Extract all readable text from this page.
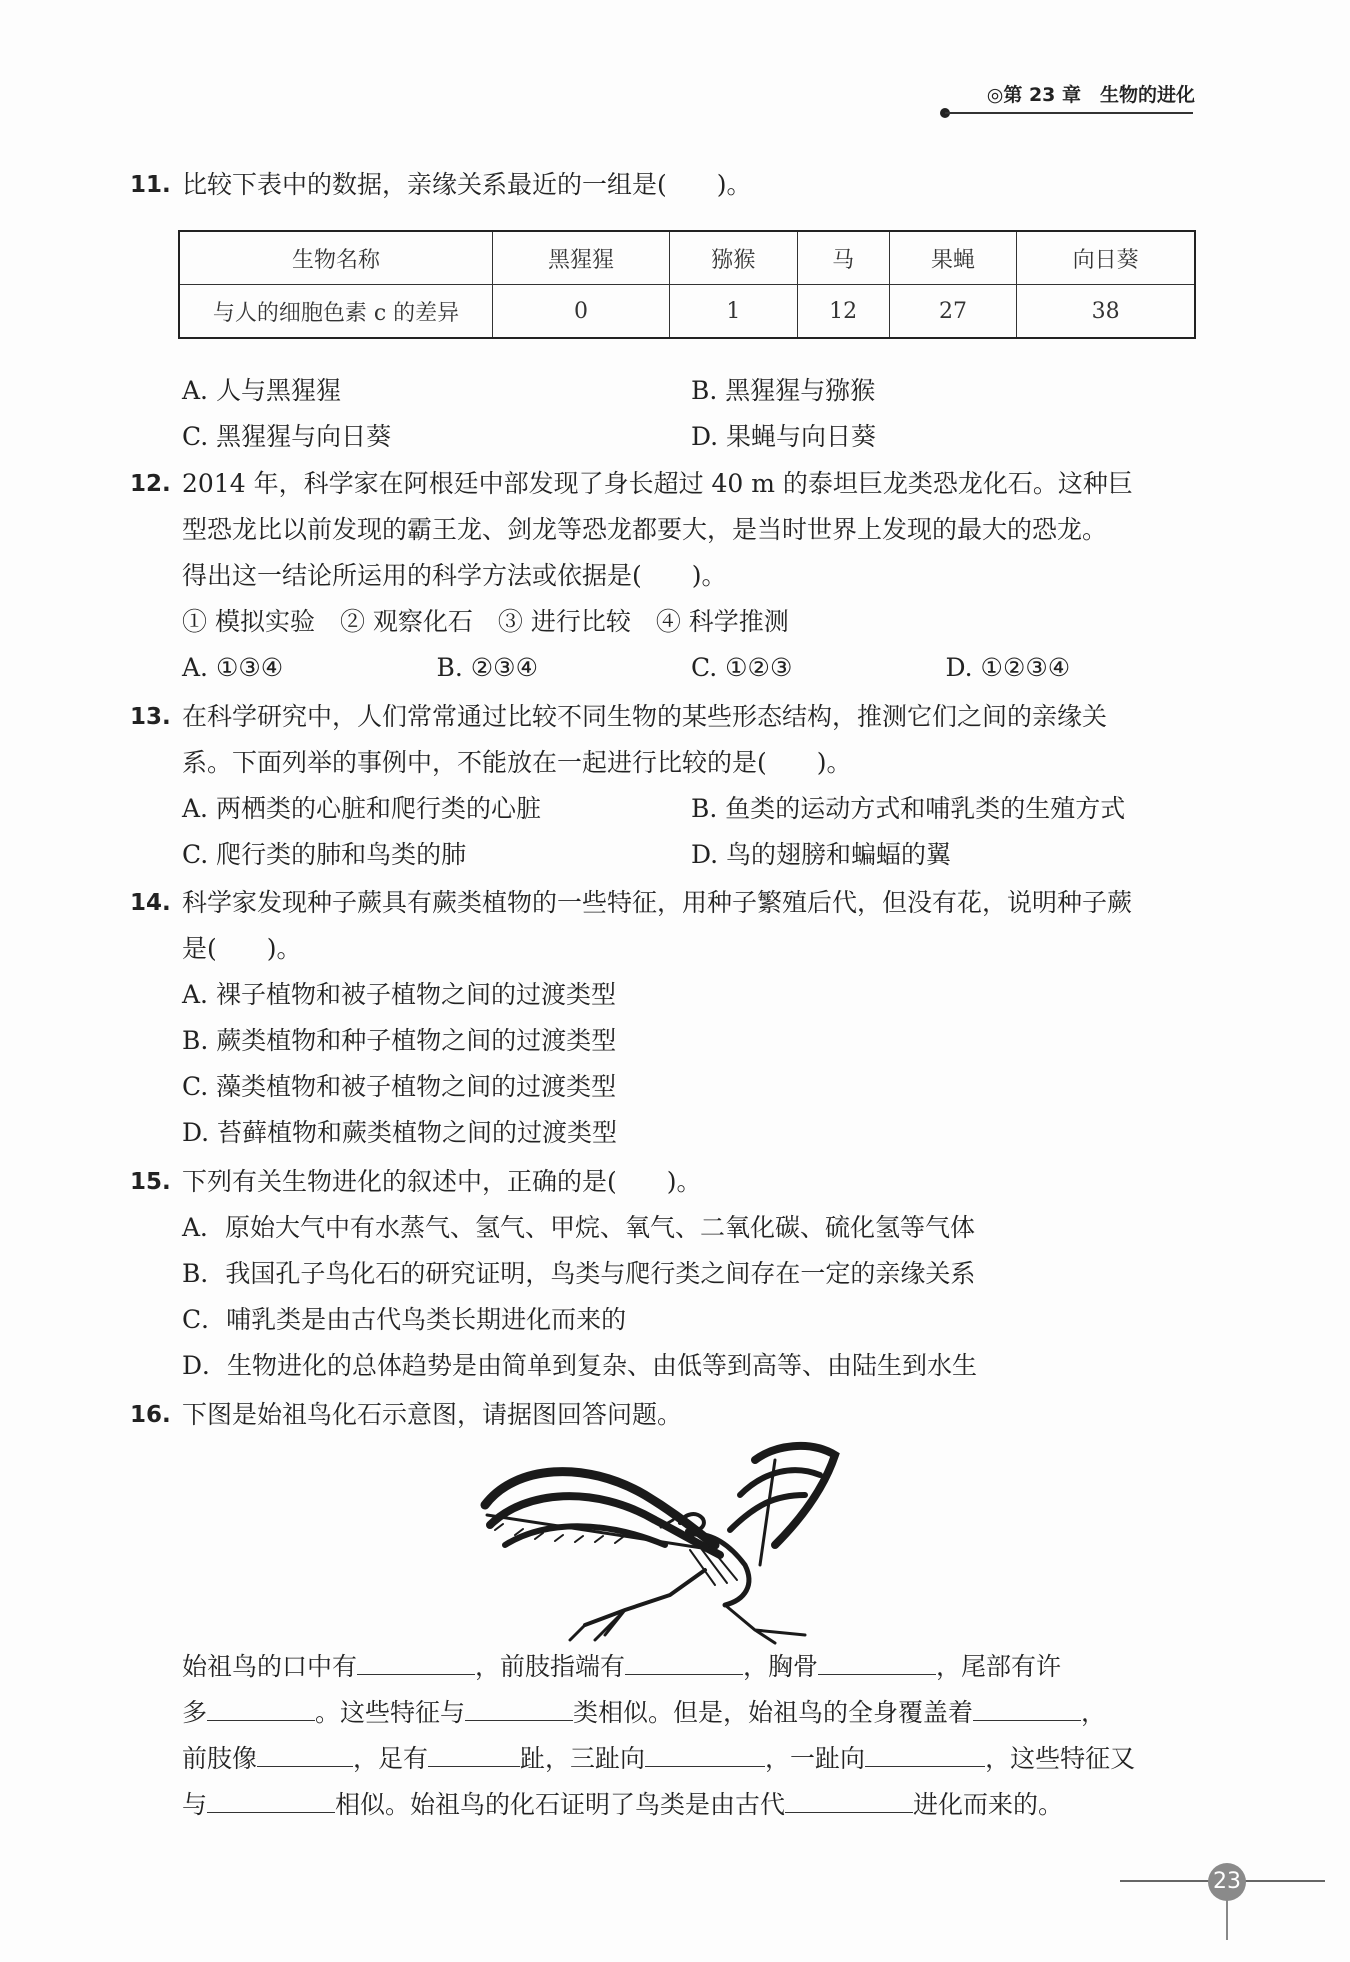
◎第 23 章　生物的进化
11. 比较下表中的数据，亲缘关系最近的一组是(　　)。
生物名称	黑猩猩	猕猴	马	果蝇	向日葵
与人的细胞色素 c 的差异	0	1	12	27	38
A. 人与黑猩猩	B. 黑猩猩与猕猴
C. 黑猩猩与向日葵	D. 果蝇与向日葵
12. 2014 年，科学家在阿根廷中部发现了身长超过 40 m 的泰坦巨龙类恐龙化石。这种巨
型恐龙比以前发现的霸王龙、剑龙等恐龙都要大，是当时世界上发现的最大的恐龙。
得出这一结论所运用的科学方法或依据是(　　)。
① 模拟实验　② 观察化石　③ 进行比较　④ 科学推测
A. ①③④	B. ②③④	C. ①②③	D. ①②③④
13. 在科学研究中，人们常常通过比较不同生物的某些形态结构，推测它们之间的亲缘关
系。下面列举的事例中，不能放在一起进行比较的是(　　)。
A. 两栖类的心脏和爬行类的心脏	B. 鱼类的运动方式和哺乳类的生殖方式
C. 爬行类的肺和鸟类的肺	D. 鸟的翅膀和蝙蝠的翼
14. 科学家发现种子蕨具有蕨类植物的一些特征，用种子繁殖后代，但没有花，说明种子蕨
是(　　)。
A. 裸子植物和被子植物之间的过渡类型
B. 蕨类植物和种子植物之间的过渡类型
C. 藻类植物和被子植物之间的过渡类型
D. 苔藓植物和蕨类植物之间的过渡类型
15. 下列有关生物进化的叙述中，正确的是(　　)。
A．原始大气中有水蒸气、氢气、甲烷、氧气、二氧化碳、硫化氢等气体
B．我国孔子鸟化石的研究证明，鸟类与爬行类之间存在一定的亲缘关系
C．哺乳类是由古代鸟类长期进化而来的
D．生物进化的总体趋势是由简单到复杂、由低等到高等、由陆生到水生
16. 下图是始祖鸟化石示意图，请据图回答问题。
始祖鸟的口中有	，前肢指端有	，胸骨	，尾部有许
多	。这些特征与	类相似。但是，始祖鸟的全身覆盖着	，
前肢像	，足有	趾，三趾向	，一趾向	，这些特征又
与	相似。始祖鸟的化石证明了鸟类是由古代	进化而来的。
23
